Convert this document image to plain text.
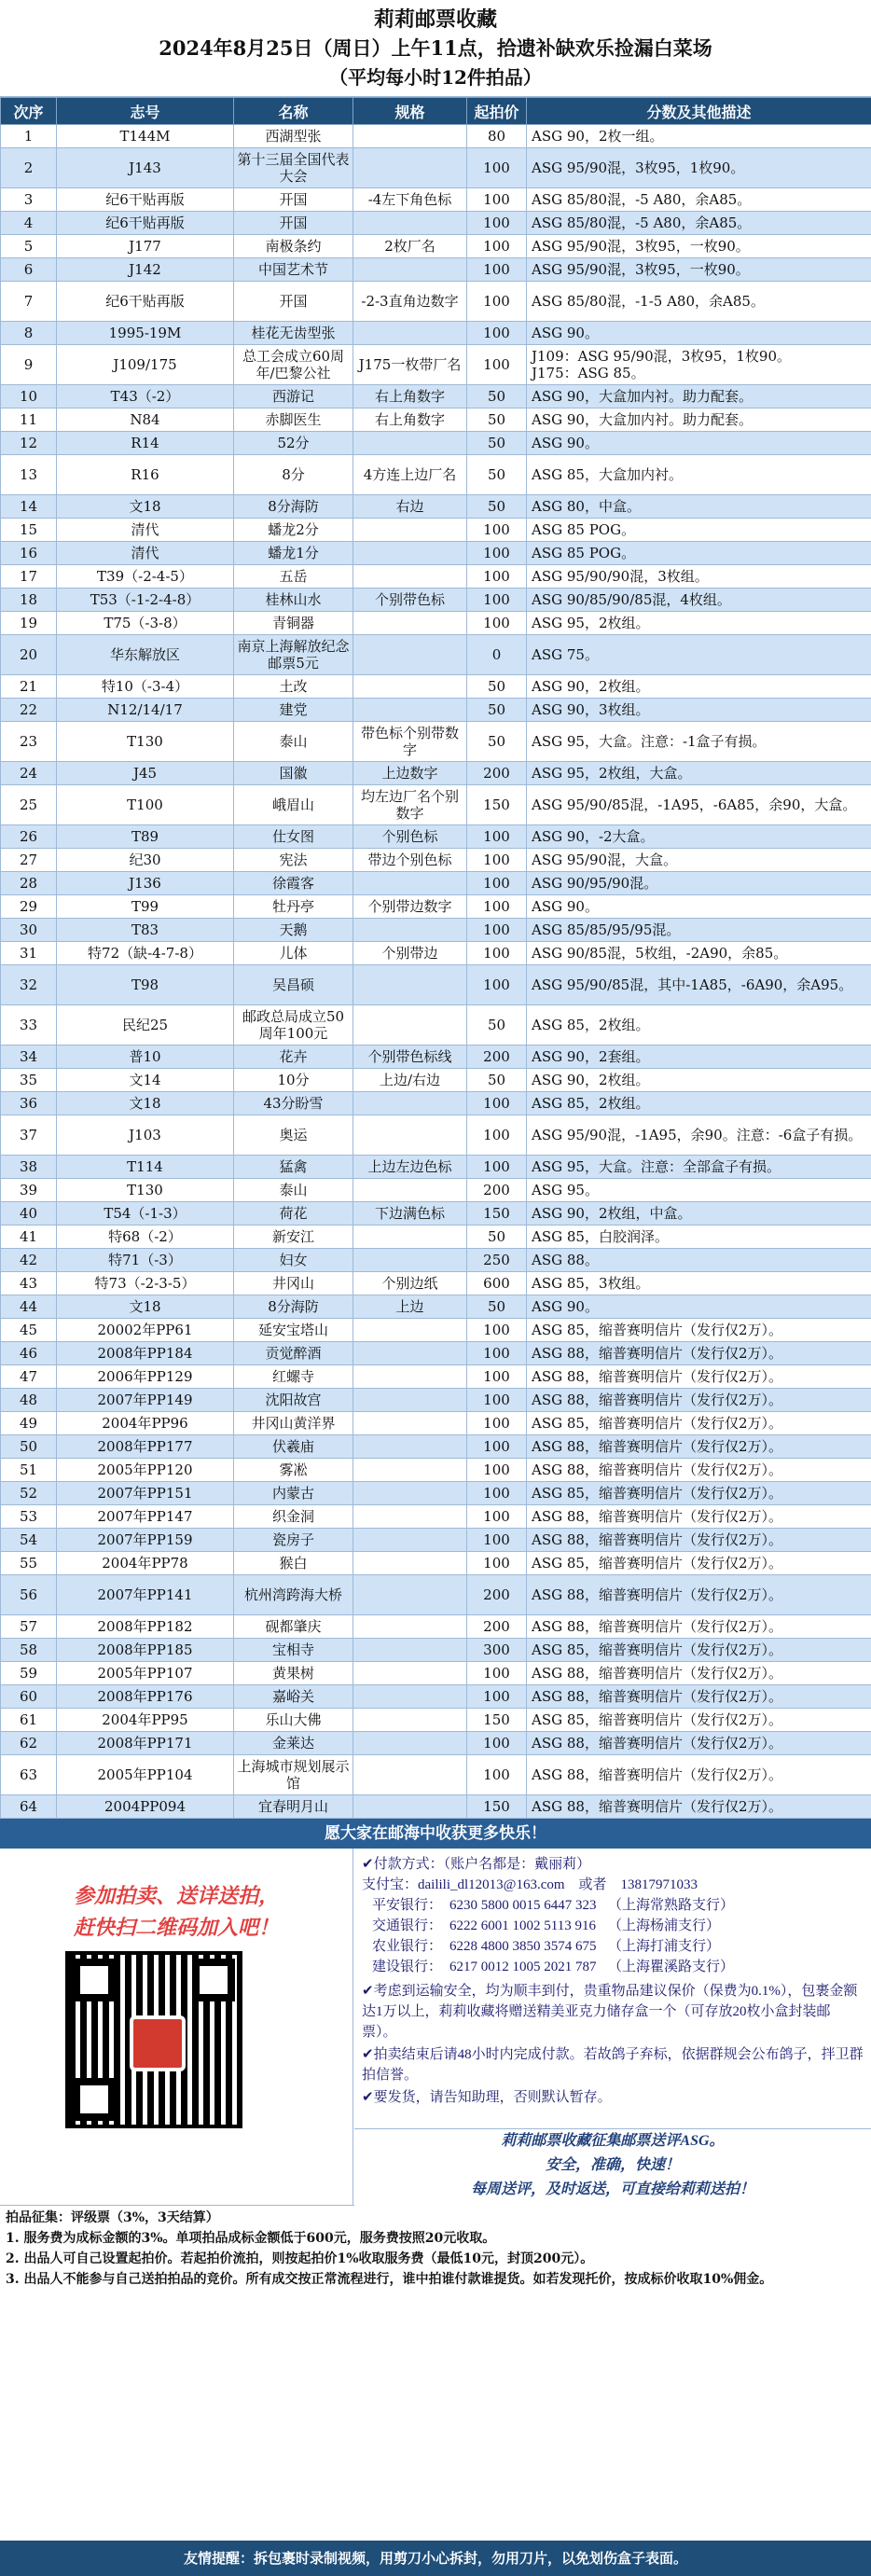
莉莉邮票收藏
2024年8月25日（周日）上午11点，拾遗补缺欢乐捡漏白菜场
（平均每小时12件拍品）
次序	志号	名称	规格	起拍价	分数及其他描述
1	T144M	西湖型张		80	ASG 90，2枚一组。
2	J143	第十三届全国代表大会		100	ASG 95/90混，3枚95，1枚90。
3	纪6干贴再版	开国	-4左下角色标	100	ASG 85/80混，-5 A80，余A85。
4	纪6干贴再版	开国		100	ASG 85/80混，-5 A80，余A85。
5	J177	南极条约	2枚厂名	100	ASG 95/90混，3枚95，一枚90。
6	J142	中国艺术节		100	ASG 95/90混，3枚95，一枚90。
7	纪6干贴再版	开国	-2-3直角边数字	100	ASG 85/80混，-1-5 A80，余A85。
8	1995-19M	桂花无齿型张		100	ASG 90。
9	J109/175	总工会成立60周年/巴黎公社	J175一枚带厂名	100	J109：ASG 95/90混，3枚95，1枚90。
J175：ASG 85。
10	T43（-2）	西游记	右上角数字	50	ASG 90，大盒加内衬。助力配套。
11	N84	赤脚医生	右上角数字	50	ASG 90，大盒加内衬。助力配套。
12	R14	52分		50	ASG 90。
13	R16	8分	4方连上边厂名	50	ASG 85，大盒加内衬。
14	文18	8分海防	右边	50	ASG 80，中盒。
15	清代	蟠龙2分		100	ASG 85 POG。
16	清代	蟠龙1分		100	ASG 85 POG。
17	T39（-2-4-5）	五岳		100	ASG 95/90/90混，3枚组。
18	T53（-1-2-4-8）	桂林山水	个别带色标	100	ASG 90/85/90/85混，4枚组。
19	T75（-3-8）	青铜器		100	ASG 95，2枚组。
20	华东解放区	南京上海解放纪念邮票5元		0	ASG 75。
21	特10（-3-4）	土改		50	ASG 90，2枚组。
22	N12/14/17	建党		50	ASG 90，3枚组。
23	T130	泰山	带色标个别带数字	50	ASG 95，大盒。注意：-1盒子有损。
24	J45	国徽	上边数字	200	ASG 95，2枚组，大盒。
25	T100	峨眉山	均左边厂名个别数字	150	ASG 95/90/85混，-1A95，-6A85，余90，大盒。
26	T89	仕女图	个别色标	100	ASG 90，-2大盒。
27	纪30	宪法	带边个别色标	100	ASG 95/90混，大盒。
28	J136	徐霞客		100	ASG 90/95/90混。
29	T99	牡丹亭	个别带边数字	100	ASG 90。
30	T83	天鹅		100	ASG 85/85/95/95混。
31	特72（缺-4-7-8）	儿体	个别带边	100	ASG 90/85混，5枚组，-2A90，余85。
32	T98	吴昌硕		100	ASG 95/90/85混，其中-1A85，-6A90，余A95。
33	民纪25	邮政总局成立50周年100元		50	ASG 85，2枚组。
34	普10	花卉	个别带色标线	200	ASG 90，2套组。
35	文14	10分	上边/右边	50	ASG 90，2枚组。
36	文18	43分盼雪		100	ASG 85，2枚组。
37	J103	奥运		100	ASG 95/90混，-1A95，余90。注意：-6盒子有损。
38	T114	猛禽	上边左边色标	100	ASG 95，大盒。注意：全部盒子有损。
39	T130	泰山		200	ASG 95。
40	T54（-1-3）	荷花	下边满色标	150	ASG 90，2枚组，中盒。
41	特68（-2）	新安江		50	ASG 85，白胶润泽。
42	特71（-3）	妇女		250	ASG 88。
43	特73（-2-3-5）	井冈山	个别边纸	600	ASG 85，3枚组。
44	文18	8分海防	上边	50	ASG 90。
45	20002年PP61	延安宝塔山		100	ASG 85，缩普赛明信片（发行仅2万）。
46	2008年PP184	贡觉醉酒		100	ASG 88，缩普赛明信片（发行仅2万）。
47	2006年PP129	红螺寺		100	ASG 88，缩普赛明信片（发行仅2万）。
48	2007年PP149	沈阳故宫		100	ASG 88，缩普赛明信片（发行仅2万）。
49	2004年PP96	井冈山黄洋界		100	ASG 85，缩普赛明信片（发行仅2万）。
50	2008年PP177	伏羲庙		100	ASG 88，缩普赛明信片（发行仅2万）。
51	2005年PP120	雾凇		100	ASG 88，缩普赛明信片（发行仅2万）。
52	2007年PP151	内蒙古		100	ASG 85，缩普赛明信片（发行仅2万）。
53	2007年PP147	织金洞		100	ASG 88，缩普赛明信片（发行仅2万）。
54	2007年PP159	瓷房子		100	ASG 88，缩普赛明信片（发行仅2万）。
55	2004年PP78	猴白		100	ASG 85，缩普赛明信片（发行仅2万）。
56	2007年PP141	杭州湾跨海大桥		200	ASG 88，缩普赛明信片（发行仅2万）。
57	2008年PP182	砚都肇庆		200	ASG 88，缩普赛明信片（发行仅2万）。
58	2008年PP185	宝相寺		300	ASG 85，缩普赛明信片（发行仅2万）。
59	2005年PP107	黄果树		100	ASG 88，缩普赛明信片（发行仅2万）。
60	2008年PP176	嘉峪关		100	ASG 88，缩普赛明信片（发行仅2万）。
61	2004年PP95	乐山大佛		150	ASG 85，缩普赛明信片（发行仅2万）。
62	2008年PP171	金莱达		100	ASG 88，缩普赛明信片（发行仅2万）。
63	2005年PP104	上海城市规划展示馆		100	ASG 88，缩普赛明信片（发行仅2万）。
64	2004PP094	宜春明月山		150	ASG 88，缩普赛明信片（发行仅2万）。
愿大家在邮海中收获更多快乐！
参加拍卖、送详送拍，
赶快扫二维码加入吧！
✔付款方式：（账户名都是：戴丽莉）
支付宝：dailili_dl12013@163.com　或者　13817971033
平安银行： 6230 5800 0015 6447 323 （上海常熟路支行）
交通银行： 6222 6001 1002 5113 916 （上海杨浦支行）
农业银行： 6228 4800 3850 3574 675 （上海打浦支行）
建设银行： 6217 0012 1005 2021 787 （上海瞿溪路支行）
✔考虑到运输安全，均为顺丰到付，贵重物品建议保价（保费为0.1%），包裹金额达1万以上，莉莉收藏将赠送精美亚克力储存盒一个（可存放20枚小盒封装邮票）。
✔拍卖结束后请48小时内完成付款。若故鸽子弃标，依据群规会公布鸽子，拌卫群拍信誉。
✔要发货，请告知助理，否则默认暂存。
莉莉邮票收藏征集邮票送评ASG。
安全，准确，快速！
每周送评，及时返送，可直接给莉莉送拍！
拍品征集：评级票（3%，3天结算）
1. 服务费为成标金额的3%。单项拍品成标金额低于600元，服务费按照20元收取。
2. 出品人可自己设置起拍价。若起拍价流拍，则按起拍价1%收取服务费（最低10元，封顶200元）。
3. 出品人不能参与自己送拍拍品的竞价。所有成交按正常流程进行，谁中拍谁付款谁提货。如若发现托价，按成标价收取10%佣金。
友情提醒：拆包裹时录制视频，用剪刀小心拆封，勿用刀片，以免划伤盒子表面。
